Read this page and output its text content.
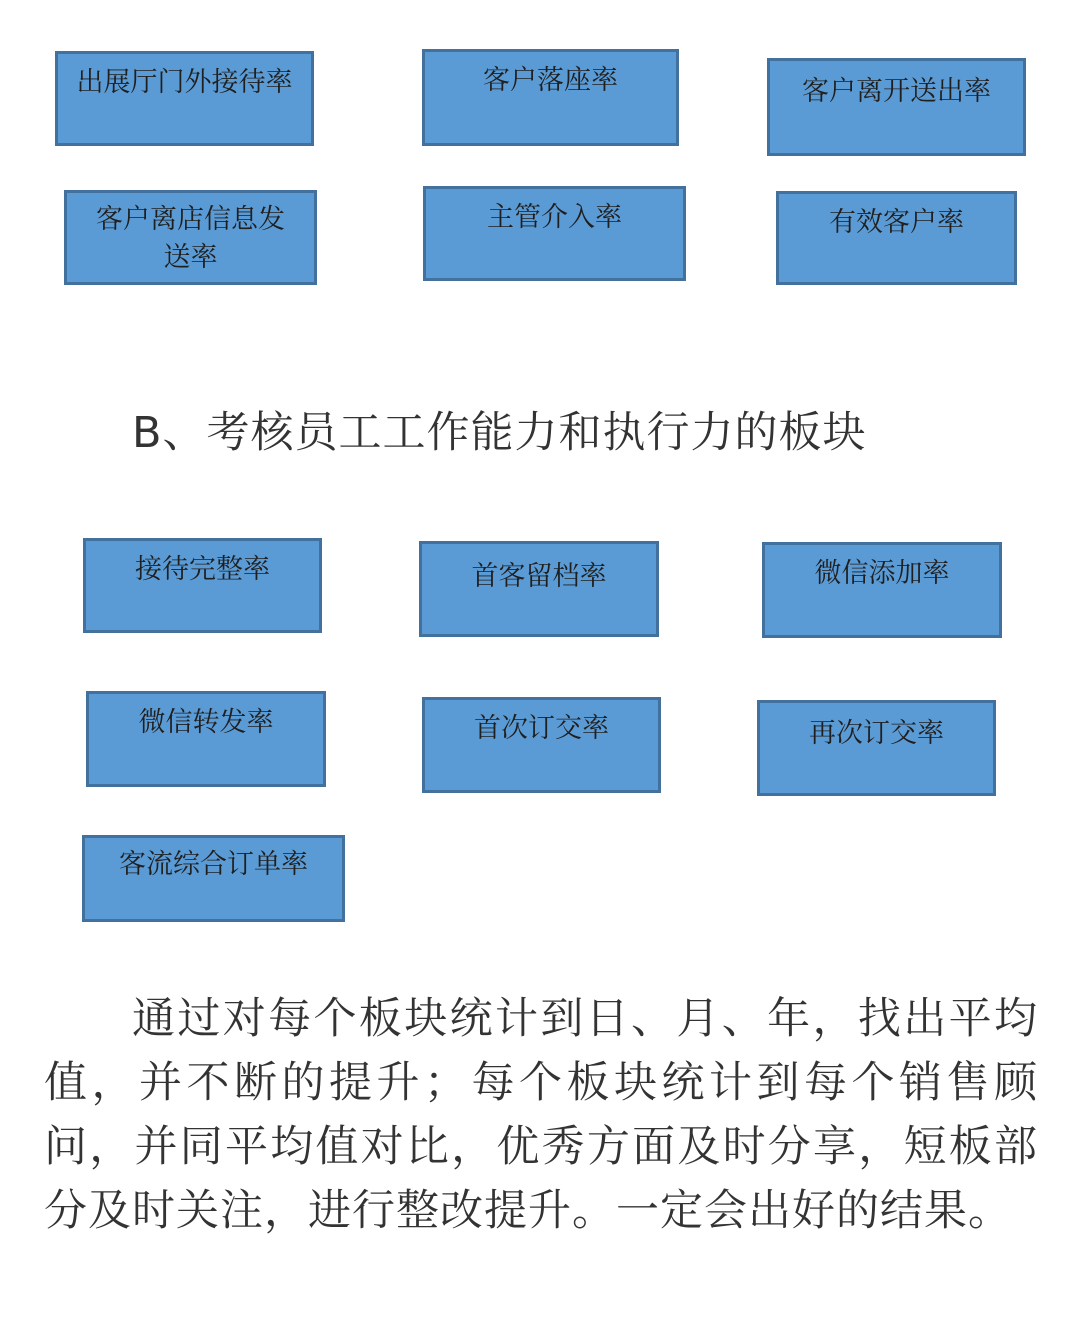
出展厅门外接待率	客户落座率	客户离开送出率
客户离店信息发送率
主管介入率	有效客户率
B、考核员工工作能力和执行力的板块
接待完整率	首客留档率	微信添加率
微信转发率	首次订交率	再次订交率
客流综合订单率

通过对每个板块统计到日、月、年，找出平均值，并不断的提升；每个板块统计到每个销售顾问，并同平均值对比，优秀方面及时分享，短板部分及时关注，进行整改提升。一定会出好的结果。
